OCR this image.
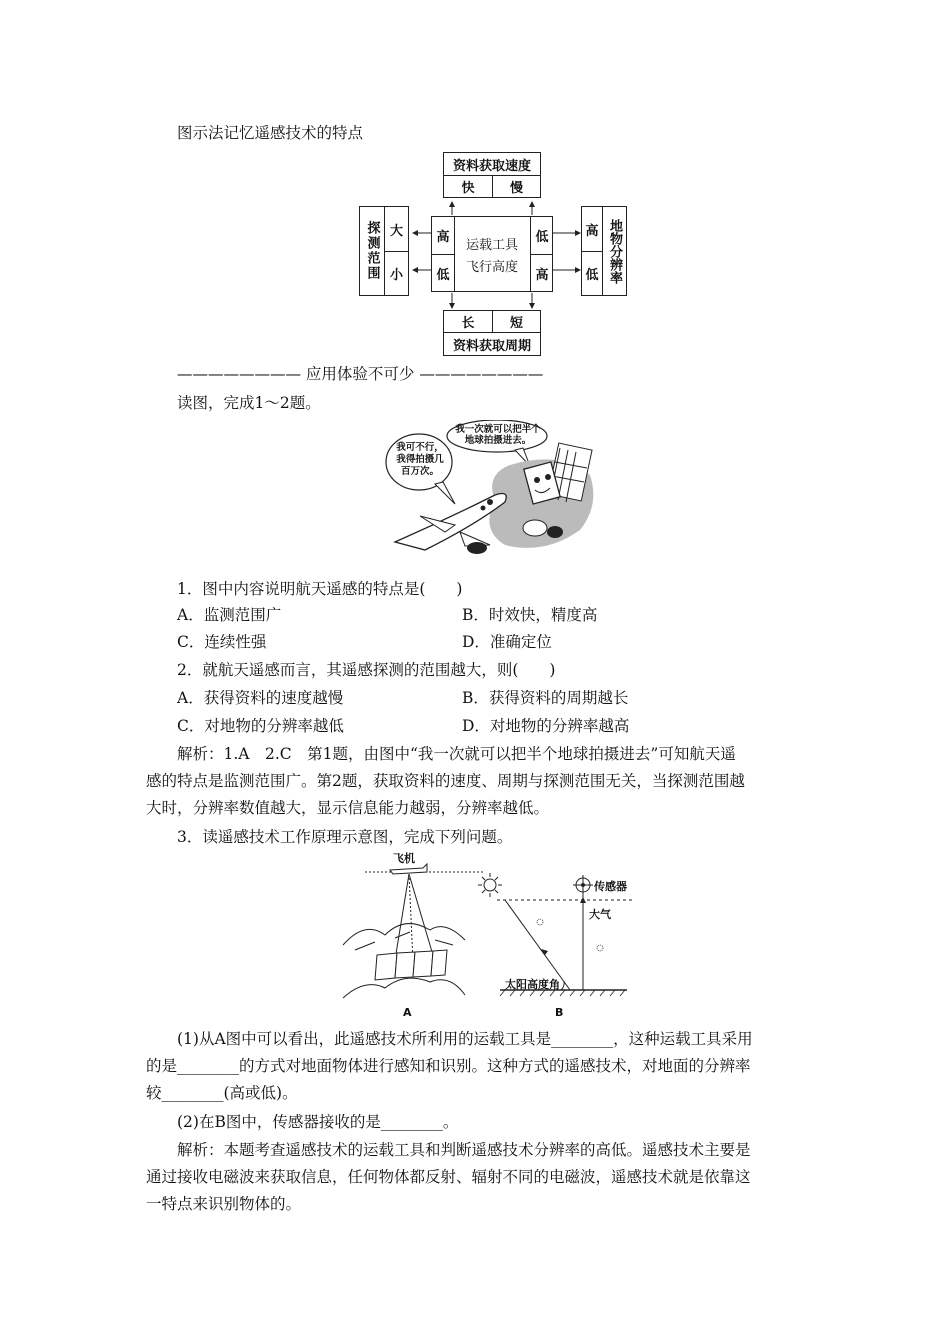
图示法记忆遥感技术的特点
资料获取速度
快	慢
探测范围 大
小
高
低
运载工具
飞行高度
低
高
高
低 地物分辨率
长	短
资料获取周期
———————— 应用体验不可少 ————————
读图，完成1～2题。
我一次就可以把半个地球拍摄进去。
我可不行，我得拍摄几百万次。
1．图中内容说明航天遥感的特点是(　　)
A．监测范围广	B．时效快，精度高
C．连续性强	D．准确定位
2．就航天遥感而言，其遥感探测的范围越大，则(　　)
A．获得资料的速度越慢	B．获得资料的周期越长
C．对地物的分辨率越低	D．对地物的分辨率越高
解析：1.A　2.C　第1题，由图中“我一次就可以把半个地球拍摄进去”可知航天遥
感的特点是监测范围广。第2题，获取资料的速度、周期与探测范围无关，当探测范围越
大时，分辨率数值越大，显示信息能力越弱，分辨率越低。
3．读遥感技术工作原理示意图，完成下列问题。
飞机
A
传感器
大气
太阳高度角
B
(1)从A图中可以看出，此遥感技术所利用的运载工具是________，这种运载工具采用
的是________的方式对地面物体进行感知和识别。这种方式的遥感技术，对地面的分辨率
较________(高或低)。
(2)在B图中，传感器接收的是________。
解析：本题考查遥感技术的运载工具和判断遥感技术分辨率的高低。遥感技术主要是
通过接收电磁波来获取信息，任何物体都反射、辐射不同的电磁波，遥感技术就是依靠这
一特点来识别物体的。
